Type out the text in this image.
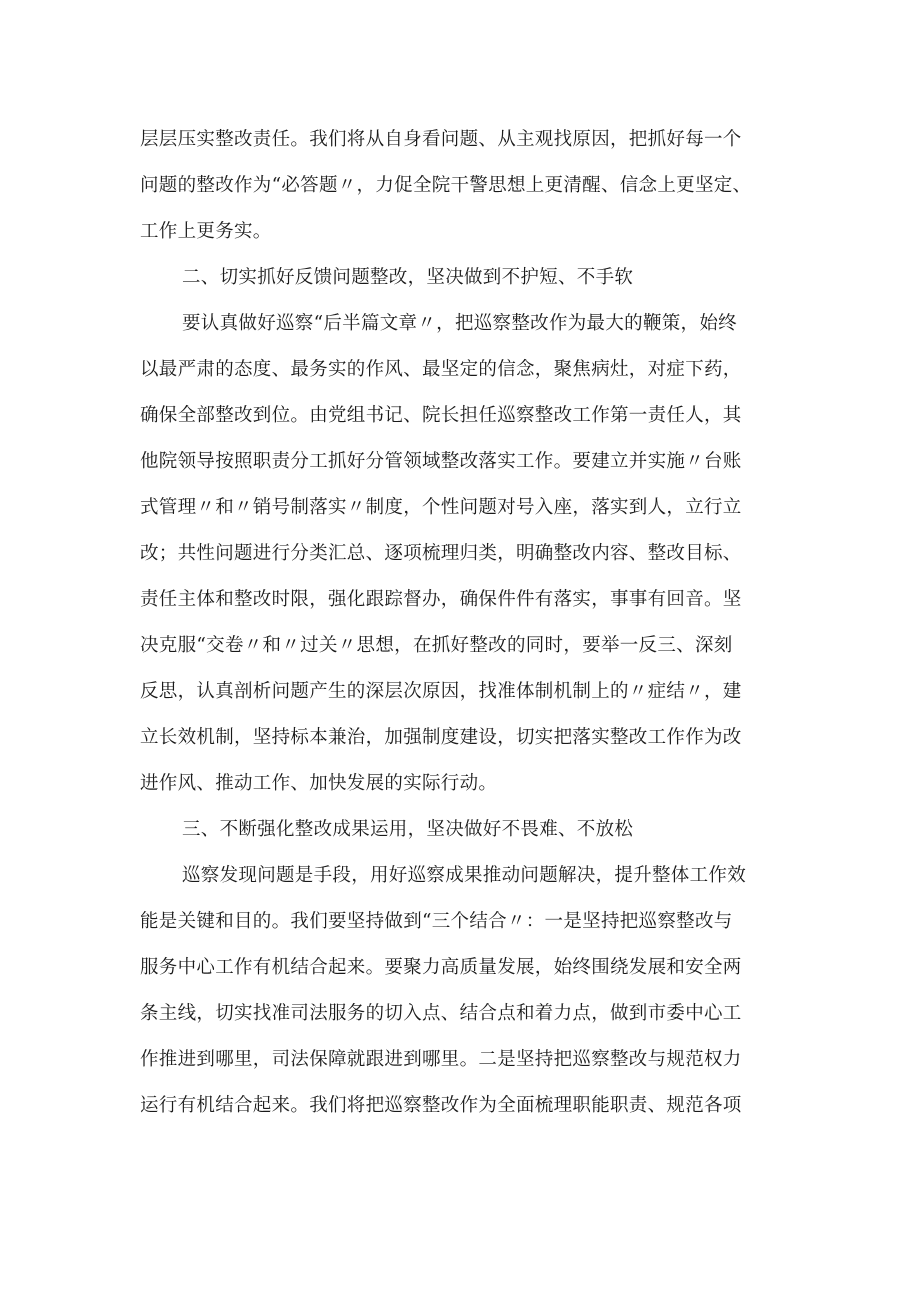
层层压实整改责任。我们将从自身看问题、从主观找原因，把抓好每一个
问题的整改作为“必答题〃，力促全院干警思想上更清醒、信念上更坚定、
工作上更务实。
二、切实抓好反馈问题整改，坚决做到不护短、不手软
要认真做好巡察“后半篇文章〃，把巡察整改作为最大的鞭策，始终
以最严肃的态度、最务实的作风、最坚定的信念，聚焦病灶，对症下药，
确保全部整改到位。由党组书记、院长担任巡察整改工作第一责任人，其
他院领导按照职责分工抓好分管领域整改落实工作。要建立并实施〃台账
式管理〃和〃销号制落实〃制度，个性问题对号入座，落实到人，立行立
改；共性问题进行分类汇总、逐项梳理归类，明确整改内容、整改目标、
责任主体和整改时限，强化跟踪督办，确保件件有落实，事事有回音。坚
决克服“交卷〃和〃过关〃思想，在抓好整改的同时，要举一反三、深刻
反思，认真剖析问题产生的深层次原因，找准体制机制上的〃症结〃，建
立长效机制，坚持标本兼治，加强制度建设，切实把落实整改工作作为改
进作风、推动工作、加快发展的实际行动。
三、不断强化整改成果运用，坚决做好不畏难、不放松
巡察发现问题是手段，用好巡察成果推动问题解决，提升整体工作效
能是关键和目的。我们要坚持做到“三个结合〃：一是坚持把巡察整改与
服务中心工作有机结合起来。要聚力高质量发展，始终围绕发展和安全两
条主线，切实找准司法服务的切入点、结合点和着力点，做到市委中心工
作推进到哪里，司法保障就跟进到哪里。二是坚持把巡察整改与规范权力
运行有机结合起来。我们将把巡察整改作为全面梳理职能职责、规范各项
